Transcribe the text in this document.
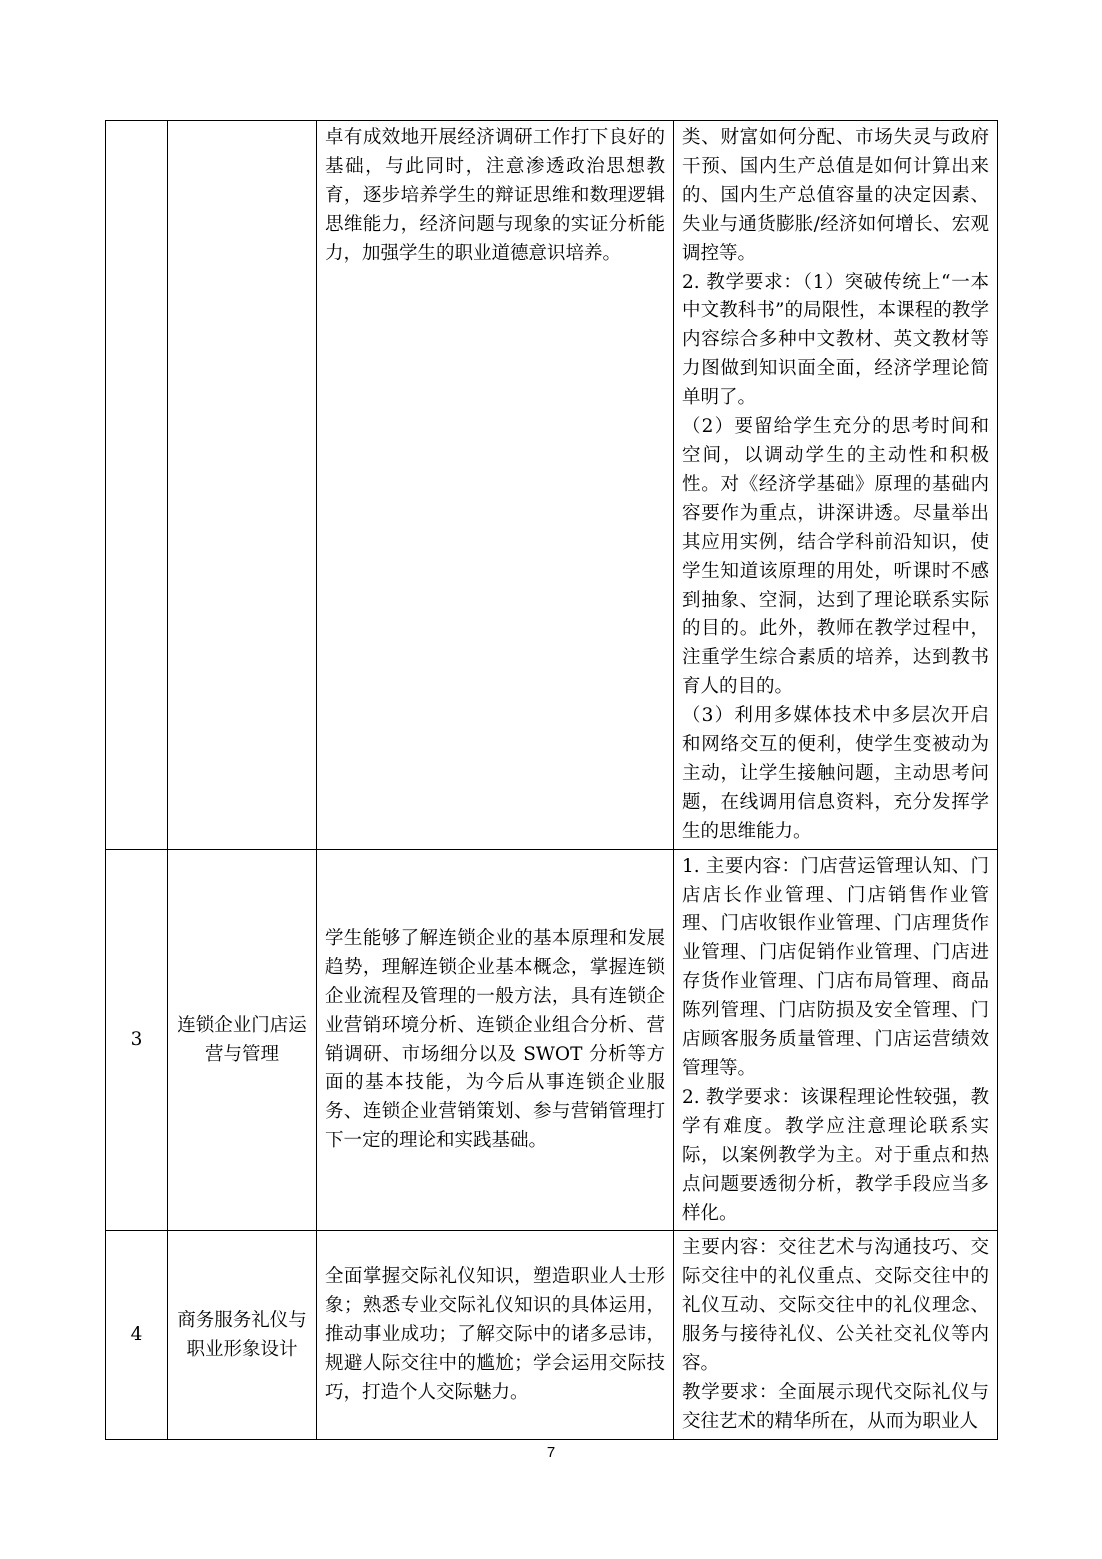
		卓有成效地开展经济调研工作打下良好的基础，与此同时，注意渗透政治思想教育，逐步培养学生的辩证思维和数理逻辑思维能力，经济问题与现象的实证分析能力，加强学生的职业道德意识培养。	类、财富如何分配、市场失灵与政府干预、国内生产总值是如何计算出来的、国内生产总值容量的决定因素、失业与通货膨胀/经济如何增长、宏观调控等。

2. 教学要求：（1）突破传统上“一本中文教科书”的局限性，本课程的教学内容综合多种中文教材、英文教材等力图做到知识面全面，经济学理论简单明了。

（2）要留给学生充分的思考时间和空间，以调动学生的主动性和积极性。对《经济学基础》原理的基础内容要作为重点，讲深讲透。尽量举出其应用实例，结合学科前沿知识，使学生知道该原理的用处，听课时不感到抽象、空洞，达到了理论联系实际的目的。此外，教师在教学过程中，注重学生综合素质的培养，达到教书育人的目的。

（3）利用多媒体技术中多层次开启和网络交互的便利，使学生变被动为主动，让学生接触问题，主动思考问题，在线调用信息资料，充分发挥学生的思维能力。

3	连锁企业门店运营与管理	学生能够了解连锁企业的基本原理和发展趋势，理解连锁企业基本概念，掌握连锁企业流程及管理的一般方法，具有连锁企业营销环境分析、连锁企业组合分析、营销调研、市场细分以及 SWOT 分析等方面的基本技能，为今后从事连锁企业服务、连锁企业营销策划、参与营销管理打下一定的理论和实践基础。	1. 主要内容：门店营运管理认知、门店店长作业管理、门店销售作业管理、门店收银作业管理、门店理货作业管理、门店促销作业管理、门店进存货作业管理、门店布局管理、商品陈列管理、门店防损及安全管理、门店顾客服务质量管理、门店运营绩效管理等。

2. 教学要求：该课程理论性较强，教学有难度。教学应注意理论联系实际，以案例教学为主。对于重点和热点问题要透彻分析，教学手段应当多样化。

4	商务服务礼仪与职业形象设计	全面掌握交际礼仪知识，塑造职业人士形象；熟悉专业交际礼仪知识的具体运用，推动事业成功；了解交际中的诸多忌讳，规避人际交往中的尴尬；学会运用交际技巧，打造个人交际魅力。	主要内容：交往艺术与沟通技巧、交际交往中的礼仪重点、交际交往中的礼仪互动、交际交往中的礼仪理念、服务与接待礼仪、公关社交礼仪等内容。

教学要求：全面展示现代交际礼仪与交往艺术的精华所在，从而为职业人

7
